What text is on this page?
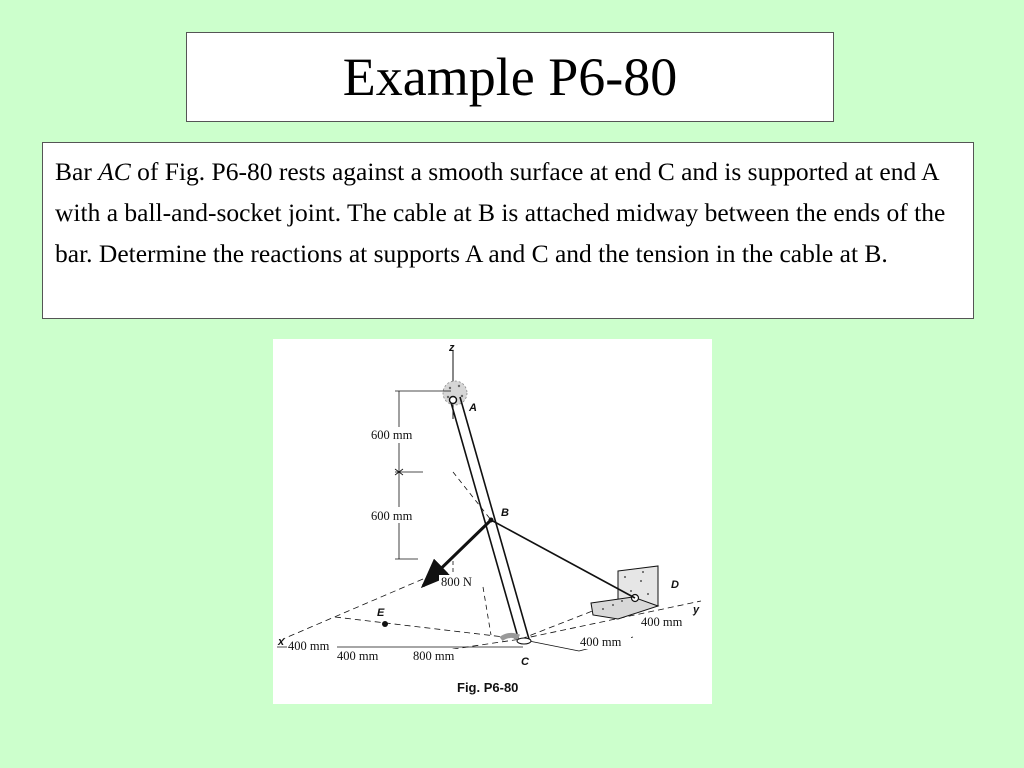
Example P6-80

Bar AC of Fig. P6-80 rests against a smooth surface at end C and is supported at end A with a ball-and-socket joint. The cable at B is attached midway between the ends of the bar. Determine the reactions at supports A and C and the tension in the cable at B.

600 mm
600 mm
x 400 mm
400 mm	800 mm
400 mm
D
y
400 mm
800 N
A
B
E
z
C
Fig. P6-80
